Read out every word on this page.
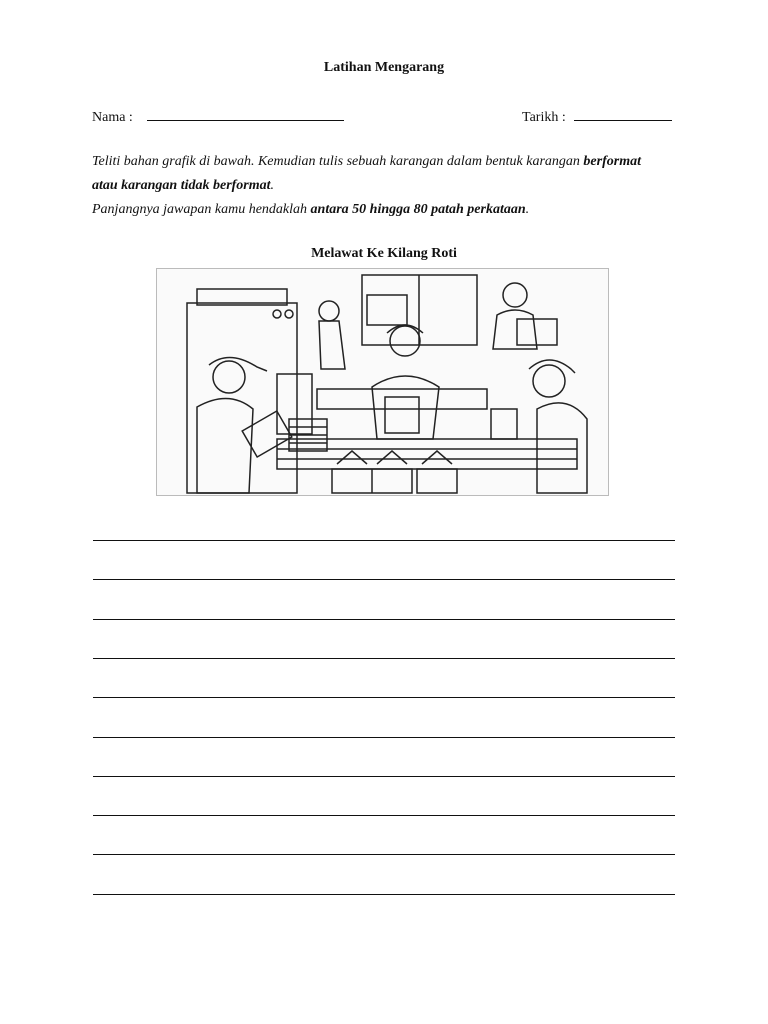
Latihan Mengarang
Nama :	Tarikh :
Teliti bahan grafik di bawah. Kemudian tulis sebuah karangan dalam bentuk karangan berformat
atau karangan tidak berformat.
Panjangnya jawapan kamu hendaklah antara 50 hingga 80 patah perkataan.
Melawat Ke Kilang Roti
